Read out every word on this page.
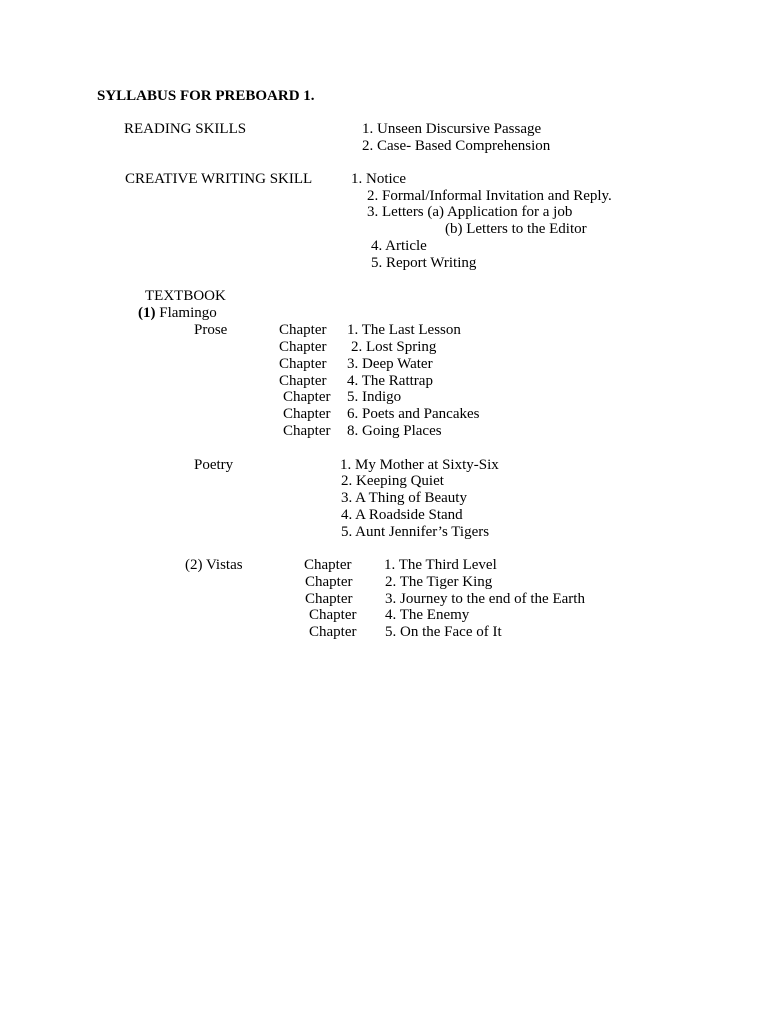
SYLLABUS FOR PREBOARD 1.
READING SKILLS	1. Unseen Discursive Passage
2. Case- Based Comprehension
CREATIVE WRITING SKILL	1. Notice
2. Formal/Informal Invitation and Reply.
3. Letters (a) Application for a job
(b) Letters to the Editor
4. Article
5. Report Writing
TEXTBOOK
(1) Flamingo
Prose	Chapter 1. The Last Lesson
Chapter 2. Lost Spring
Chapter 3. Deep Water
Chapter 4. The Rattrap
Chapter 5. Indigo
Chapter 6. Poets and Pancakes
Chapter 8. Going Places
Poetry	1. My Mother at Sixty-Six
2. Keeping Quiet
3. A Thing of Beauty
4. A Roadside Stand
5. Aunt Jennifer’s Tigers
(2) Vistas	Chapter 1. The Third Level
Chapter 2. The Tiger King
Chapter 3. Journey to the end of the Earth
Chapter 4. The Enemy
Chapter 5. On the Face of It
